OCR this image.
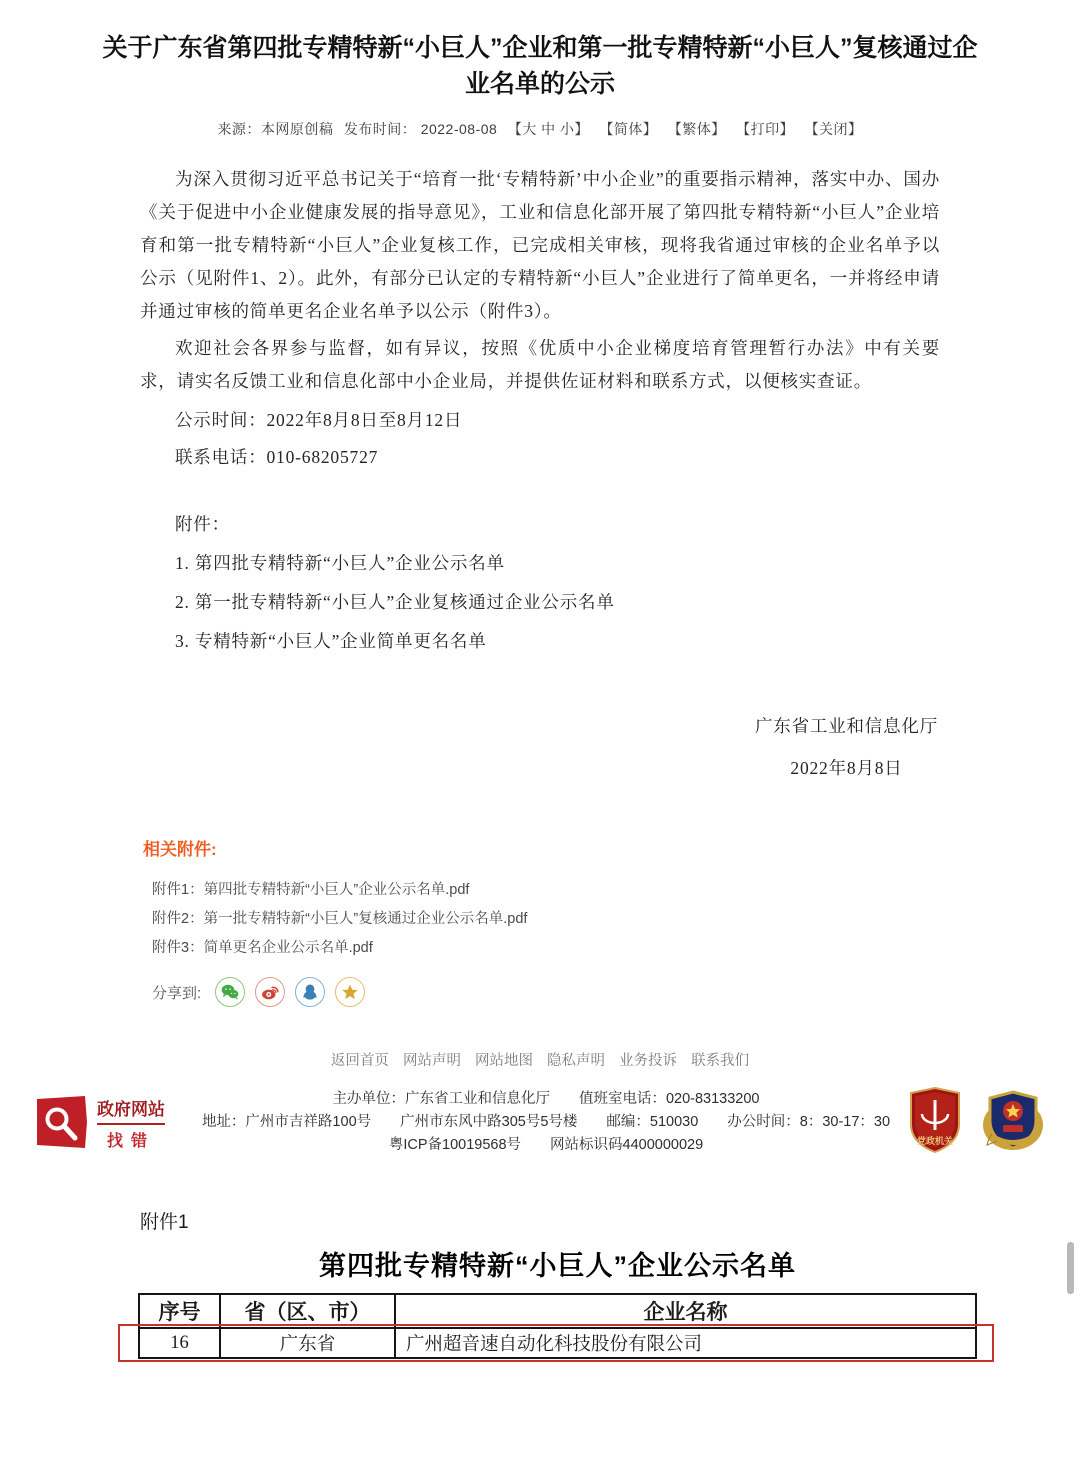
关于广东省第四批专精特新“小巨人”企业和第一批专精特新“小巨人”复核通过企业名单的公示
来源：本网原创稿 发布时间： 2022-08-08 【大 中 小】 【简体】 【繁体】 【打印】 【关闭】

为深入贯彻习近平总书记关于“培育一批‘专精特新’中小企业”的重要指示精神，落实中办、国办《关于促进中小企业健康发展的指导意见》，工业和信息化部开展了第四批专精特新“小巨人”企业培育和第一批专精特新“小巨人”企业复核工作，已完成相关审核，现将我省通过审核的企业名单予以公示（见附件1、2）。此外，有部分已认定的专精特新“小巨人”企业进行了简单更名，一并将经申请并通过审核的简单更名企业名单予以公示（附件3）。

欢迎社会各界参与监督，如有异议，按照《优质中小企业梯度培育管理暂行办法》中有关要求，请实名反馈工业和信息化部中小企业局，并提供佐证材料和联系方式，以便核实查证。

公示时间：2022年8月8日至8月12日

联系电话：010-68205727

附件：

1. 第四批专精特新“小巨人”企业公示名单

2. 第一批专精特新“小巨人”企业复核通过企业公示名单

3. 专精特新“小巨人”企业简单更名名单

广东省工业和信息化厅
2022年8月8日
相关附件:
附件1：第四批专精特新“小巨人”企业公示名单.pdf
附件2：第一批专精特新“小巨人”复核通过企业公示名单.pdf
附件3：简单更名企业公示名单.pdf
分享到:
返回首页 网站声明 网站地图 隐私声明 业务投诉 联系我们
政府网站
找错
主办单位：广东省工业和信息化厅　　值班室电话：020-83133200
地址：广州市吉祥路100号　　广州市东风中路305号5号楼　　邮编：510030　　办公时间：8：30-17：30
粤ICP备10019568号　　网站标识码4400000029	党政机关
附件1
第四批专精特新“小巨人”企业公示名单
序号	省（区、市）	企业名称
16	广东省	广州超音速自动化科技股份有限公司
